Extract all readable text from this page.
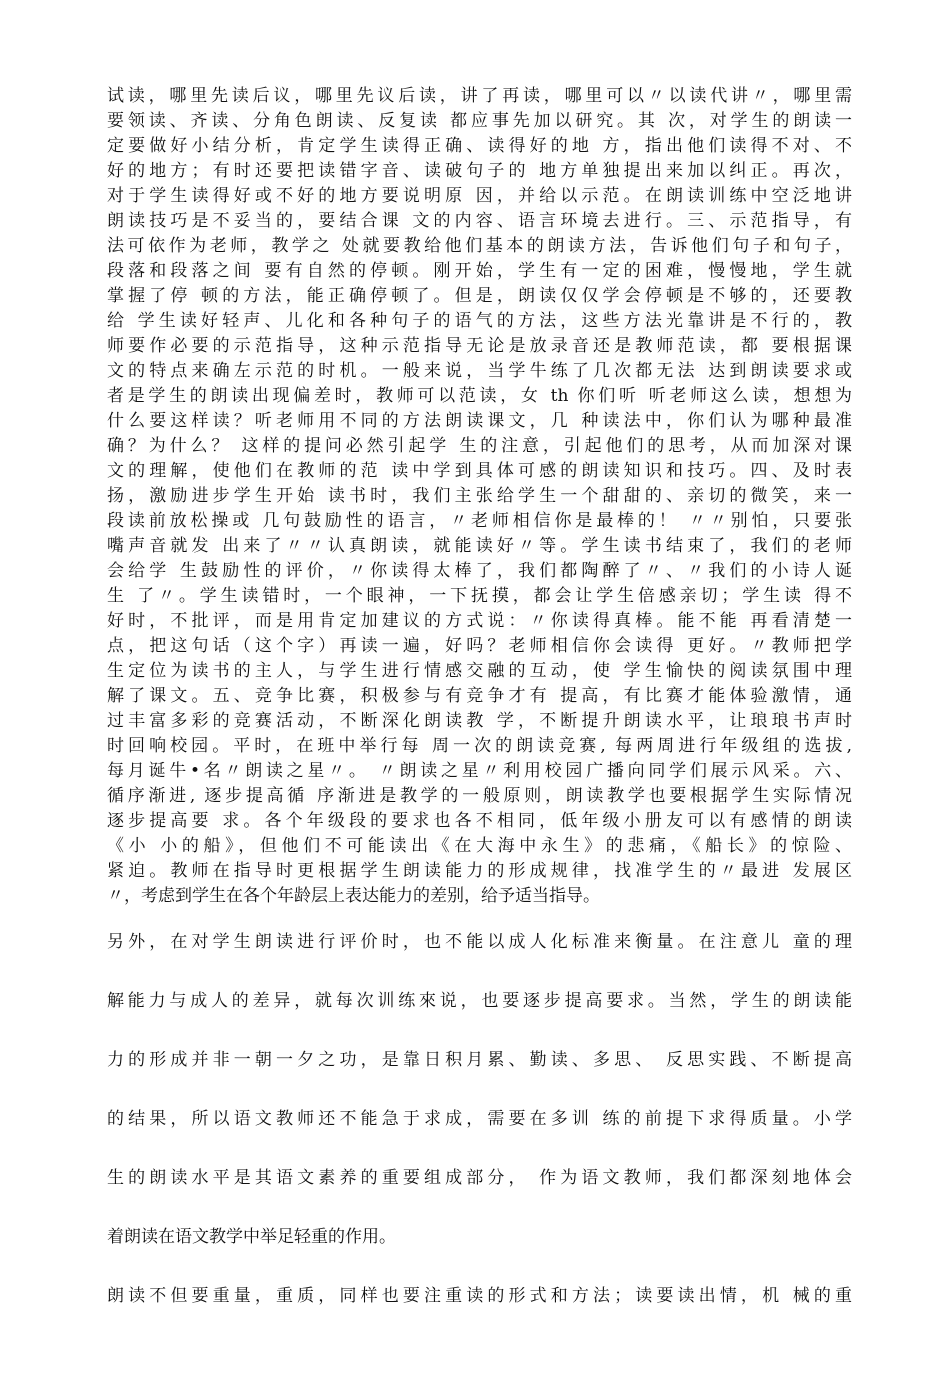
试读，哪里先读后议，哪里先议后读，讲了再读，哪里可以〃以读代讲〃，哪里需
要领读、齐读、分角色朗读、反复读 都应事先加以研究。其 次，对学生的朗读一
定要做好小结分析，肯定学生读得正确、读得好的地 方，指出他们读得不对、不
好的地方；有时还要把读错字音、读破句子的 地方单独提出来加以纠正。再次，
对于学生读得好或不好的地方要说明原 因，并给以示范。在朗读训练中空泛地讲
朗读技巧是不妥当的，要结合课 文的内容、语言环境去进行。三、示范指导，有
法可依作为老师，教学之 处就要教给他们基本的朗读方法，告诉他们句子和句子，
段落和段落之间 要有自然的停顿。刚开始，学生有一定的困难，慢慢地，学生就
掌握了停 顿的方法，能正确停顿了。但是，朗读仅仅学会停顿是不够的，还要教
给 学生读好轻声、儿化和各种句子的语气的方法，这些方法光靠讲是不行的，教
师要作必要的示范指导，这种示范指导无论是放录音还是教师范读，都 要根据课
文的特点来确左示范的时机。一般来说，当学牛练了几次都无法 达到朗读要求或
者是学生的朗读出现偏差时，教师可以范读，女 th 你们听 听老师这么读，想想为
什么要这样读？听老师用不同的方法朗读课文，几 种读法中，你们认为哪种最准
确？为什么？ 这样的提问必然引起学 生的注意，引起他们的思考，从而加深对课
文的理解，使他们在教师的范 读中学到具体可感的朗读知识和技巧。四、及时表
扬，激励进步学生开始 读书时，我们主张给学生一个甜甜的、亲切的微笑，来一
段读前放松操或 几句鼓励性的语言，〃老师相信你是最棒的！ 〃〃别怕，只要张
嘴声音就发 出来了〃〃认真朗读，就能读好〃等。学生读书结束了，我们的老师
会给学 生鼓励性的评价，〃你读得太棒了，我们都陶醉了〃、〃我们的小诗人诞
生 了〃。学生读错时，一个眼神，一下抚摸，都会让学生倍感亲切；学生读 得不
好时，不批评，而是用肯定加建议的方式说：〃你读得真棒。能不能 再看清楚一
点，把这句话（这个字）再读一遍，好吗？老师相信你会读得 更好。〃教师把学
生定位为读书的主人，与学生进行情感交融的互动，使 学生愉快的阅读氛围中理
解了课文。五、竞争比赛，积极参与有竞争才有 提高，有比赛才能体验激情，通
过丰富多彩的竞赛活动，不断深化朗读教 学，不断提升朗读水平，让琅琅书声时
时回响校园。平时，在班中举行每 周一次的朗读竞赛, 每两周进行年级组的选拔,
每月诞牛•名〃朗读之星〃。 〃朗读之星〃利用校园广播向同学们展示风采。六、
循序渐进, 逐步提高循 序渐进是教学的一般原则，朗读教学也要根据学生实际情况
逐步提高要 求。各个年级段的要求也各不相同，低年级小册友可以有感情的朗读
《小 小的船》，但他们不可能读出《在大海中永生》的悲痛，《船长》的惊险、
紧迫。教师在指导时更根据学生朗读能力的形成规律，找准学生的〃最进 发展区
〃，考虑到学生在各个年龄层上表达能力的差别，给予适当指导。
另外，在对学生朗读进行评价时，也不能以成人化标准来衡量。在注意儿 童的理
解能力与成人的差异，就每次训练來说，也要逐步提高要求。当然，学生的朗读能
力的形成并非一朝一夕之功，是靠日积月累、勤读、多思、 反思实践、不断提高
的结果，所以语文教师还不能急于求成，需要在多训 练的前提下求得质量。小学
生的朗读水平是其语文素养的重要组成部分， 作为语文教师，我们都深刻地体会
着朗读在语文教学中举足轻重的作用。
朗读不但要重量，重质，同样也要注重读的形式和方法；读要读出情，机 械的重
